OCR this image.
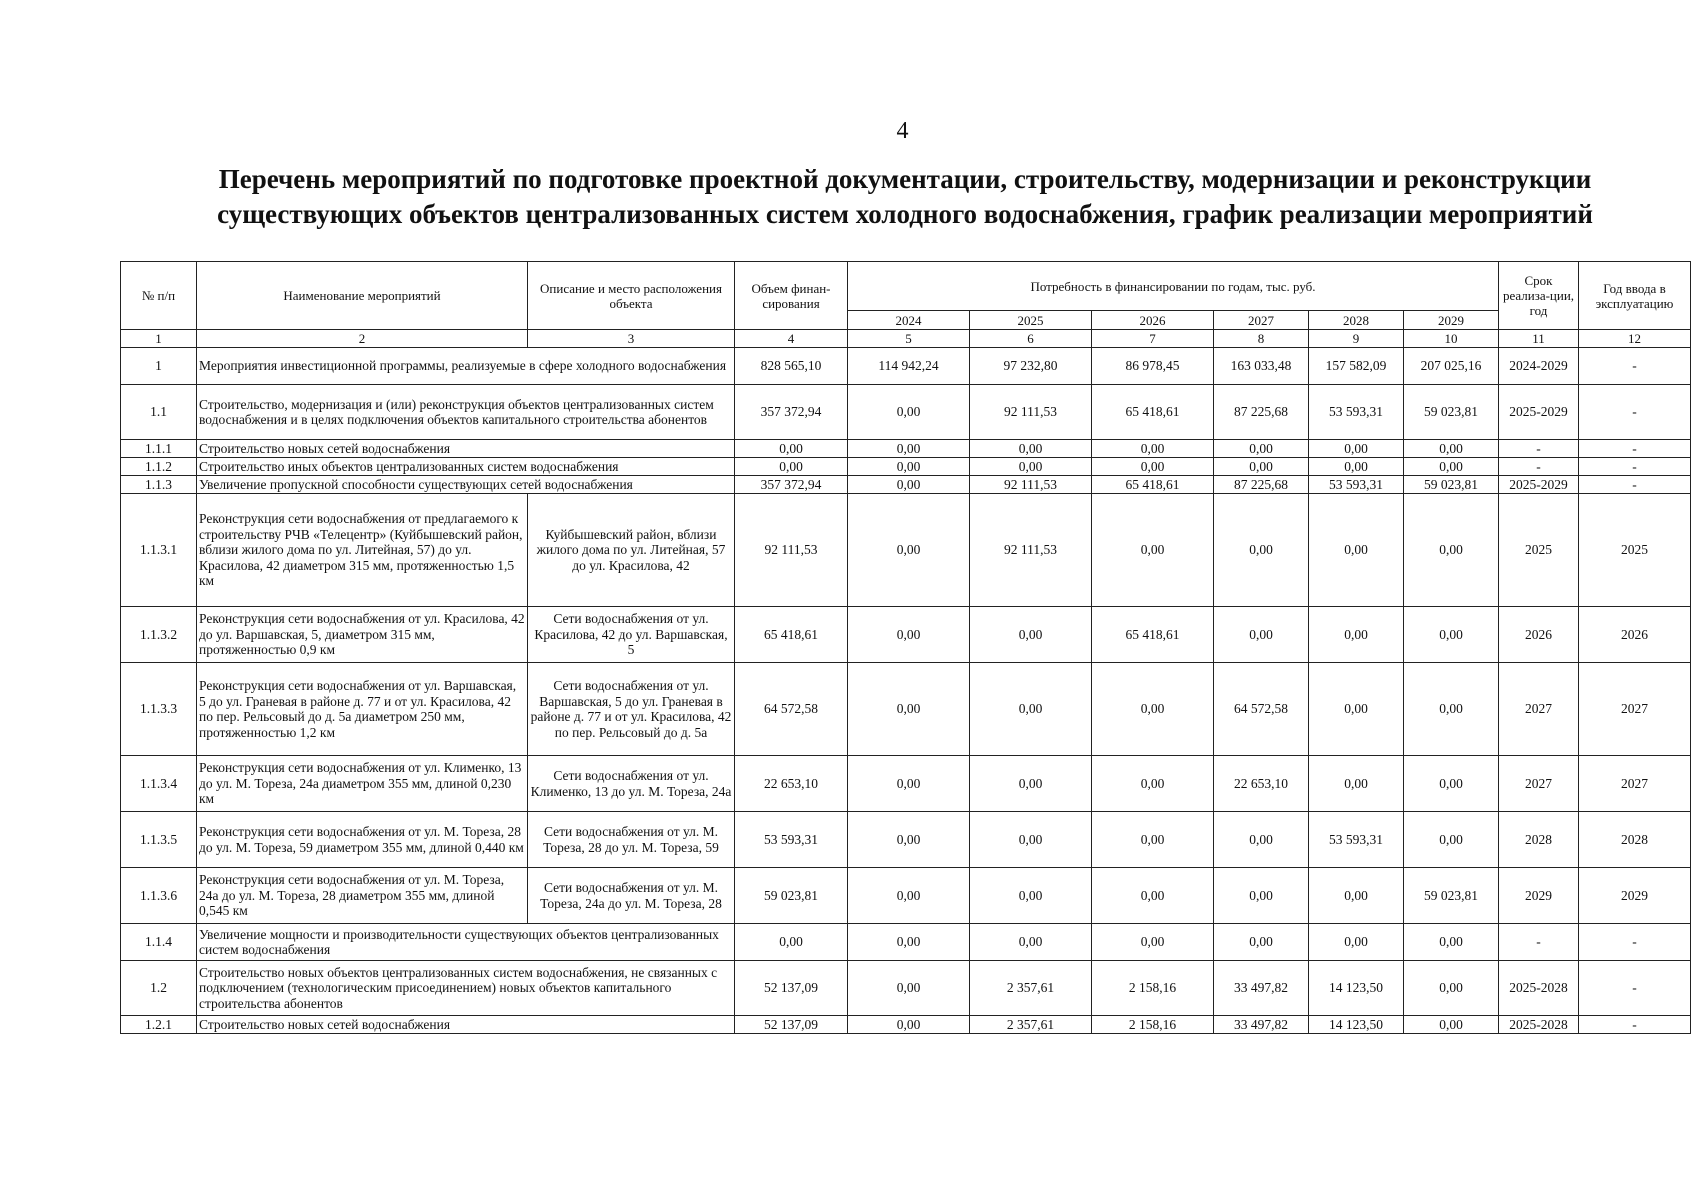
4
Перечень мероприятий по подготовке проектной документации, строительству, модернизации и реконструкции
существующих объектов централизованных систем холодного водоснабжения, график реализации мероприятий
№ п/п	Наименование мероприятий	Описание и место расположения объекта	Объем финан-сирования	Потребность в финансировании по годам, тыс. руб.						Срок реализа-ции, год	Год ввода в эксплуатацию
				2024	2025	2026	2027	2028	2029		
1	2	3	4	5	6	7	8	9	10	11	12
1	Мероприятия инвестиционной программы, реализуемые в сфере холодного водоснабжения		828 565,10	114 942,24	97 232,80	86 978,45	163 033,48	157 582,09	207 025,16	2024-2029	-
1.1	Строительство, модернизация и (или) реконструкция объектов централизованных систем водоснабжения и в целях подключения объектов капитального строительства абонентов		357 372,94	0,00	92 111,53	65 418,61	87 225,68	53 593,31	59 023,81	2025-2029	-
1.1.1	Строительство новых сетей водоснабжения		0,00	0,00	0,00	0,00	0,00	0,00	0,00	-	-
1.1.2	Строительство иных объектов централизованных систем водоснабжения		0,00	0,00	0,00	0,00	0,00	0,00	0,00	-	-
1.1.3	Увеличение пропускной способности существующих сетей водоснабжения		357 372,94	0,00	92 111,53	65 418,61	87 225,68	53 593,31	59 023,81	2025-2029	-
1.1.3.1	Реконструкция сети водоснабжения от предлагаемого к строительству РЧВ «Телецентр» (Куйбышевский район, вблизи жилого дома по ул. Литейная, 57) до ул. Красилова, 42 диаметром 315 мм, протяженностью 1,5 км	Куйбышевский район, вблизи жилого дома по ул. Литейная, 57 до ул. Красилова, 42	92 111,53	0,00	92 111,53	0,00	0,00	0,00	0,00	2025	2025
1.1.3.2	Реконструкция сети водоснабжения от ул. Красилова, 42 до ул. Варшавская, 5, диаметром 315 мм, протяженностью 0,9 км	Сети водоснабжения от ул. Красилова, 42 до ул. Варшавская, 5	65 418,61	0,00	0,00	65 418,61	0,00	0,00	0,00	2026	2026
1.1.3.3	Реконструкция сети водоснабжения от ул. Варшавская, 5 до ул. Граневая в районе д. 77 и от ул. Красилова, 42 по пер. Рельсовый до д. 5а диаметром 250 мм, протяженностью 1,2 км	Сети водоснабжения от ул. Варшавская, 5 до ул. Граневая в районе д. 77 и от ул. Красилова, 42 по пер. Рельсовый до д. 5а	64 572,58	0,00	0,00	0,00	64 572,58	0,00	0,00	2027	2027
1.1.3.4	Реконструкция сети водоснабжения от ул. Клименко, 13 до ул. М. Тореза, 24а диаметром 355 мм, длиной 0,230 км	Сети водоснабжения от ул. Клименко, 13 до ул. М. Тореза, 24а	22 653,10	0,00	0,00	0,00	22 653,10	0,00	0,00	2027	2027
1.1.3.5	Реконструкция сети водоснабжения от ул. М. Тореза, 28 до ул. М. Тореза, 59 диаметром 355 мм, длиной 0,440 км	Сети водоснабжения от ул. М. Тореза, 28 до ул. М. Тореза, 59	53 593,31	0,00	0,00	0,00	0,00	53 593,31	0,00	2028	2028
1.1.3.6	Реконструкция сети водоснабжения от ул. М. Тореза, 24а до ул. М. Тореза, 28 диаметром 355 мм, длиной 0,545 км	Сети водоснабжения от ул. М. Тореза, 24а до ул. М. Тореза, 28	59 023,81	0,00	0,00	0,00	0,00	0,00	59 023,81	2029	2029
1.1.4	Увеличение мощности и производительности существующих объектов централизованных систем водоснабжения		0,00	0,00	0,00	0,00	0,00	0,00	0,00	-	-
1.2	Строительство новых объектов централизованных систем водоснабжения, не связанных с подключением (технологическим присоединением) новых объектов капитального строительства абонентов		52 137,09	0,00	2 357,61	2 158,16	33 497,82	14 123,50	0,00	2025-2028	-
1.2.1	Строительство новых сетей водоснабжения		52 137,09	0,00	2 357,61	2 158,16	33 497,82	14 123,50	0,00	2025-2028	-
